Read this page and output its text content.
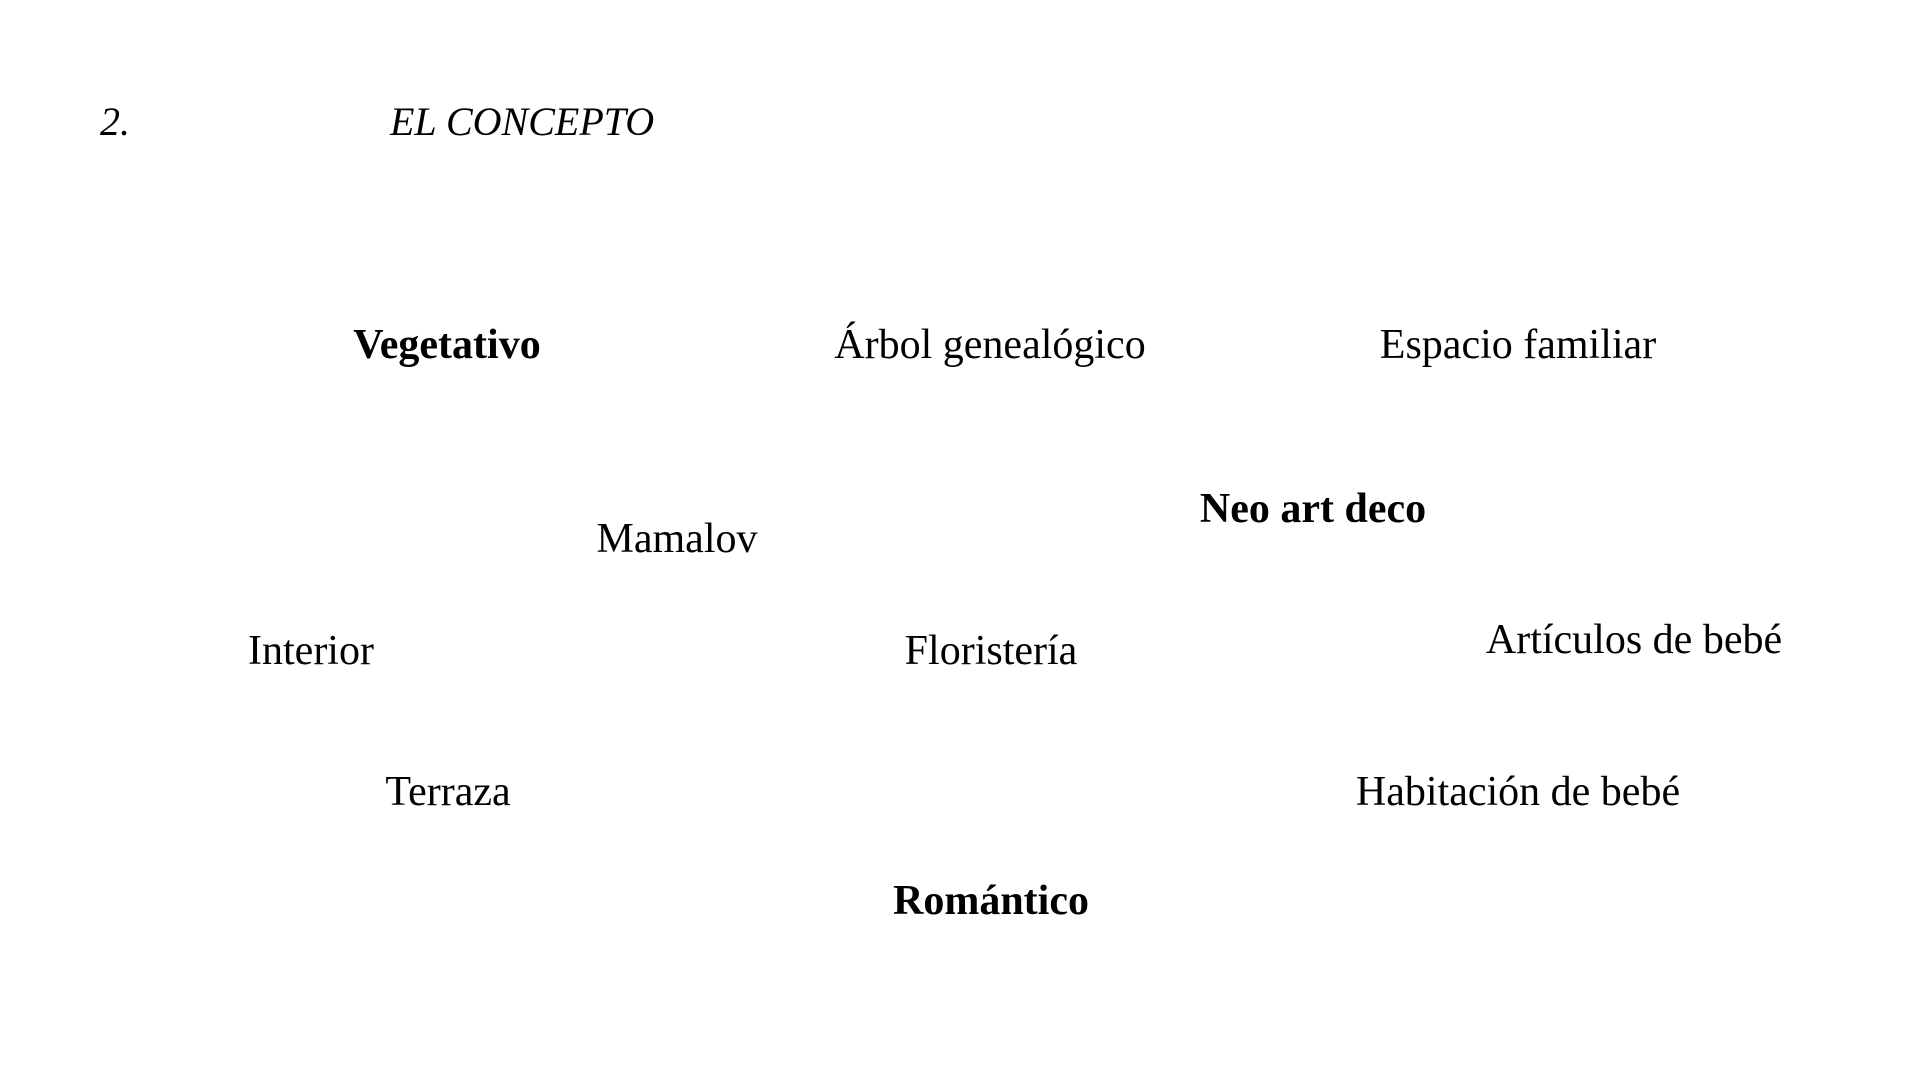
2.	EL CONCEPTO
Vegetativo	Árbol genealógico	Espacio familiar
Neo art deco
Mamalov
Interior	Floristería	Artículos de bebé
Terraza	Habitación de bebé
Romántico
